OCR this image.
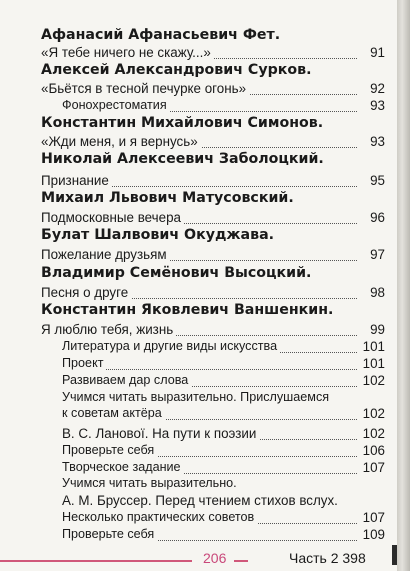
Афанасий Афанасьевич Фет.
«Я тебе ничего не скажу...»	91
Алексей Александрович Сурков.
«Бьётся в тесной печурке огонь»	92
Фонохрестоматия	93
Константин Михайлович Симонов.
«Жди меня, и я вернусь»	93
Николай Алексеевич Заболоцкий.
Признание	95
Михаил Львович Матусовский.
Подмосковные вечера	96
Булат Шалвович Окуджава.
Пожелание друзьям	97
Владимир Семёнович Высоцкий.
Песня о друге	98
Константин Яковлевич Ваншенкин.
Я люблю тебя, жизнь	99
Литература и другие виды искусства	101
Проект	101
Развиваем дар слова	102
Учимся читать выразительно. Прислушаемся
к советам актёра	102
В. С. Ланової. На пути к поэзии	102
Проверьте себя	106
Творческое задание	107
Учимся читать выразительно.
А. М. Бруссер. Перед чтением стихов вслух.
Несколько практических советов	107
Проверьте себя	109
206	Часть 2 398
